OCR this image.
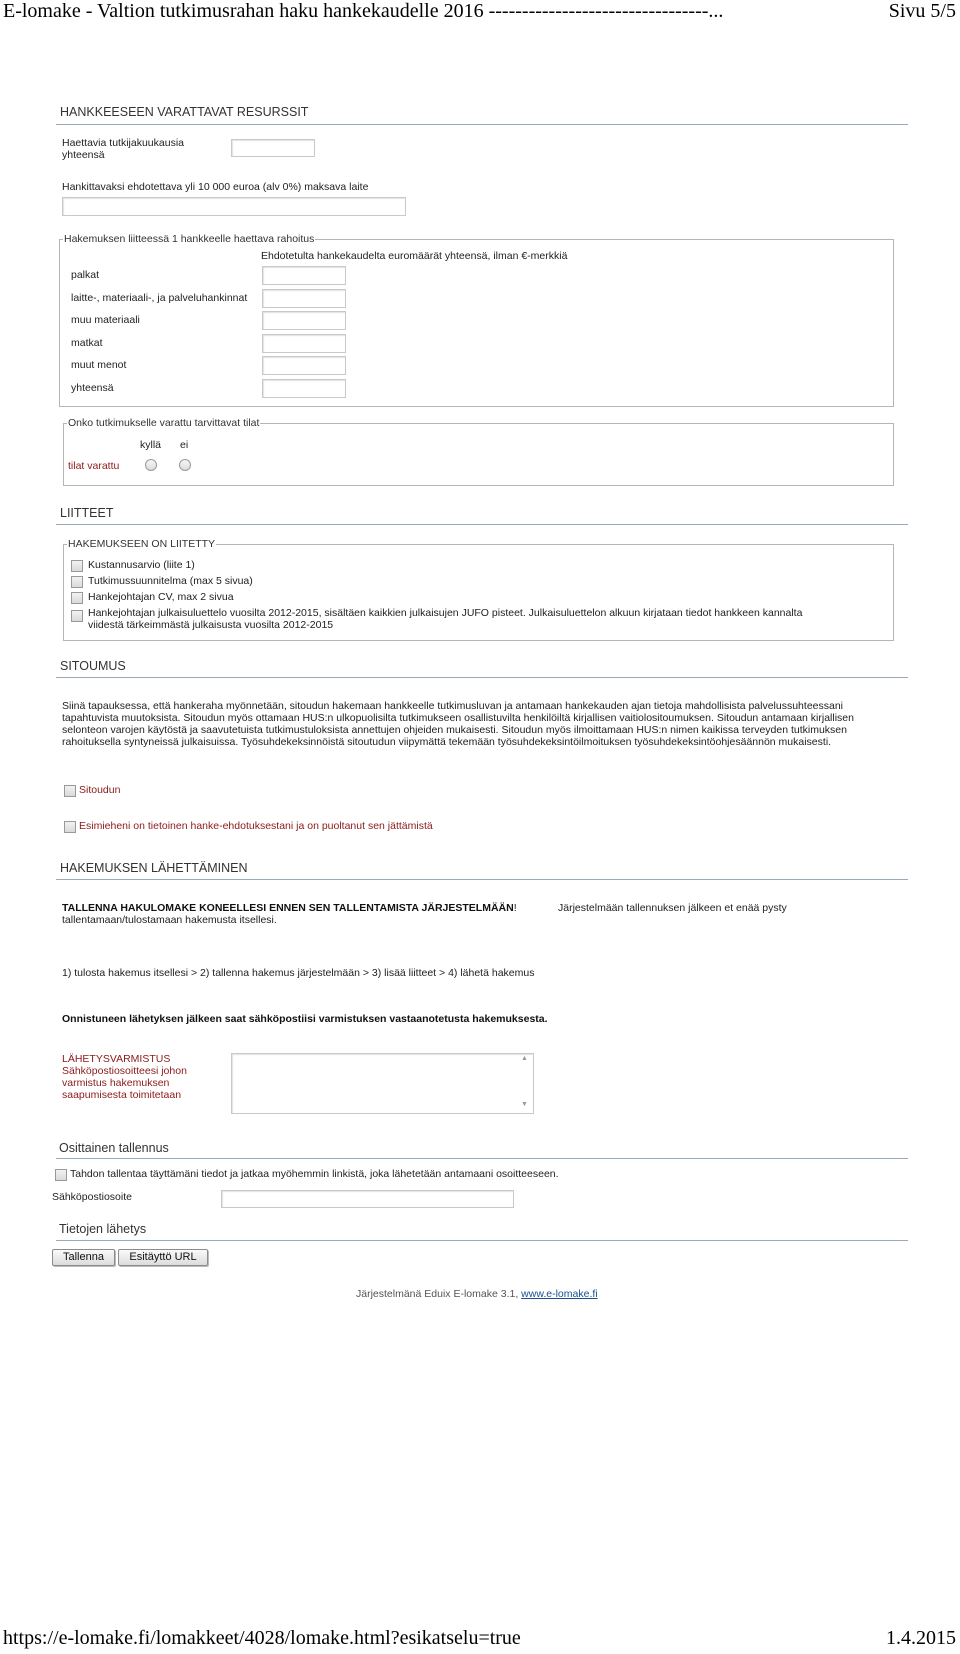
E-lomake - Valtion tutkimusrahan haku hankekaudelle 2016 ---------------------------------...	Sivu 5/5
HANKKEESEEN VARATTAVAT RESURSSIT
Haettavia tutkijakuukausia
yhteensä
Hankittavaksi ehdotettava yli 10 000 euroa (alv 0%) maksava laite
Hakemuksen liitteessä 1 hankkeelle haettava rahoitus
Ehdotetulta hankekaudelta euromäärät yhteensä, ilman €-merkkiä
palkat
laitte-, materiaali-, ja palveluhankinnat
muu materiaali
matkat
muut menot
yhteensä
Onko tutkimukselle varattu tarvittavat tilat
kyllä ei
tilat varattu
LIITTEET
HAKEMUKSEEN ON LIITETTY
Kustannusarvio (liite 1)
Tutkimussuunnitelma (max 5 sivua)
Hankejohtajan CV, max 2 sivua
Hankejohtajan julkaisuluettelo vuosilta 2012-2015, sisältäen kaikkien julkaisujen JUFO pisteet. Julkaisuluettelon alkuun kirjataan tiedot hankkeen kannalta
viidestä tärkeimmästä julkaisusta vuosilta 2012-2015
SITOUMUS
Siinä tapauksessa, että hankeraha myönnetään, sitoudun hakemaan hankkeelle tutkimusluvan ja antamaan hankekauden ajan tietoja mahdollisista palvelussuhteessani
tapahtuvista muutoksista. Sitoudun myös ottamaan HUS:n ulkopuolisilta tutkimukseen osallistuvilta henkilöiltä kirjallisen vaitiolositoumuksen. Sitoudun antamaan kirjallisen
selonteon varojen käytöstä ja saavutetuista tutkimustuloksista annettujen ohjeiden mukaisesti. Sitoudun myös ilmoittamaan HUS:n nimen kaikissa terveyden tutkimuksen
rahoituksella syntyneissä julkaisuissa. Työsuhdekeksinnöistä sitoutudun viipymättä tekemään työsuhdekeksintöilmoituksen työsuhdekeksintöohjesäännön mukaisesti.
Sitoudun
Esimieheni on tietoinen hanke-ehdotuksestani ja on puoltanut sen jättämistä
HAKEMUKSEN LÄHETTÄMINEN
TALLENNA HAKULOMAKE KONEELLESI ENNEN SEN TALLENTAMISTA JÄRJESTELMÄÄN!
tallentamaan/tulostamaan hakemusta itsellesi.
Järjestelmään tallennuksen jälkeen et enää pysty
1) tulosta hakemus itsellesi > 2) tallenna hakemus järjestelmään > 3) lisää liitteet > 4) lähetä hakemus
Onnistuneen lähetyksen jälkeen saat sähköpostiisi varmistuksen vastaanotetusta hakemuksesta.
LÄHETYSVARMISTUS
Sähköpostiosoitteesi johon
varmistus hakemuksen
saapumisesta toimitetaan
▲
▼
Osittainen tallennus
Tahdon tallentaa täyttämäni tiedot ja jatkaa myöhemmin linkistä, joka lähetetään antamaani osoitteeseen.
Sähköpostiosoite
Tietojen lähetys
Tallenna	Esitäyttö URL
Järjestelmänä Eduix E-lomake 3.1, www.e-lomake.fi
https://e-lomake.fi/lomakkeet/4028/lomake.html?esikatselu=true	1.4.2015
